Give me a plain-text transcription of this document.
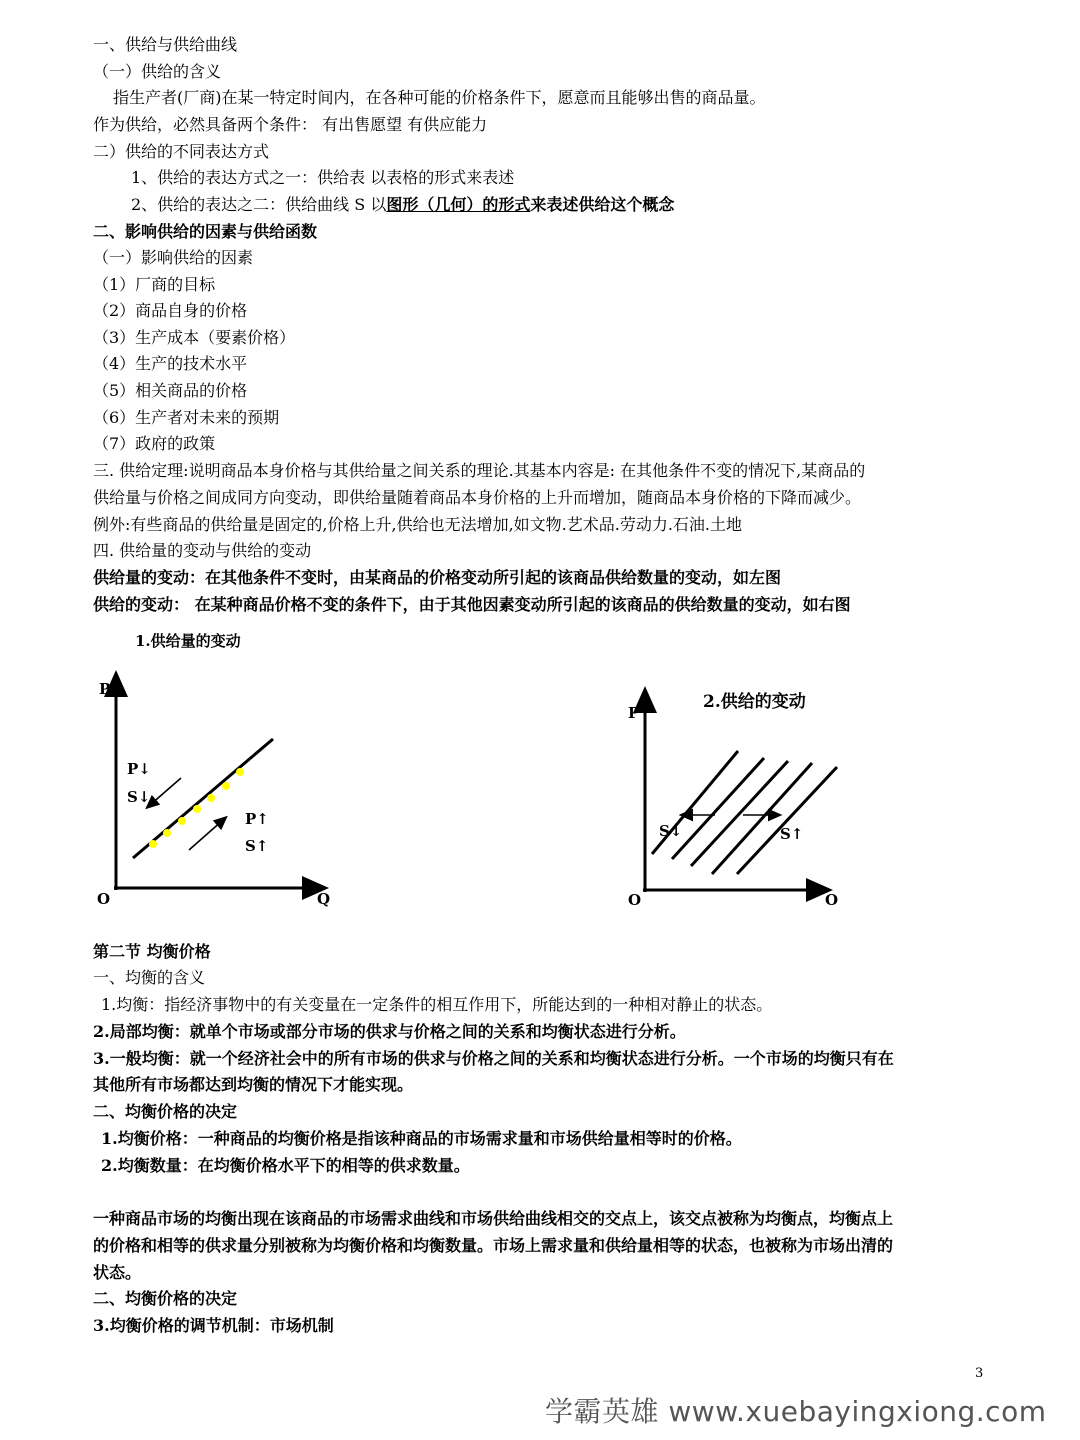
一、供给与供给曲线
（一）供给的含义
指生产者(厂商)在某一特定时间内，在各种可能的价格条件下，愿意而且能够出售的商品量。
作为供给，必然具备两个条件： 有出售愿望 有供应能力
二）供给的不同表达方式
1、供给的表达方式之一：供给表 以表格的形式来表述
2、供给的表达之二：供给曲线 S 以图形（几何）的形式来表述供给这个概念
二、影响供给的因素与供给函数
（一）影响供给的因素
（1）厂商的目标
（2）商品自身的价格
（3）生产成本（要素价格）
（4）生产的技术水平
（5）相关商品的价格
（6）生产者对未来的预期
（7）政府的政策
三. 供给定理:说明商品本身价格与其供给量之间关系的理论.其基本内容是: 在其他条件不变的情况下,某商品的
供给量与价格之间成同方向变动，即供给量随着商品本身价格的上升而增加，随商品本身价格的下降而减少。
例外:有些商品的供给量是固定的,价格上升,供给也无法增加,如文物.艺术品.劳动力.石油.土地
四. 供给量的变动与供给的变动
供给量的变动：在其他条件不变时，由某商品的价格变动所引起的该商品供给数量的变动，如左图
供给的变动： 在某种商品价格不变的条件下，由于其他因素变动所引起的该商品的供给数量的变动，如右图
1.供给量的变动
P
O	Q
P↓
S↓
P↑
S↑
2.供给的变动
P
O	O
S↓	S↑
第二节 均衡价格
一、均衡的含义
1.均衡：指经济事物中的有关变量在一定条件的相互作用下，所能达到的一种相对静止的状态。
2.局部均衡：就单个市场或部分市场的供求与价格之间的关系和均衡状态进行分析。
3.一般均衡：就一个经济社会中的所有市场的供求与价格之间的关系和均衡状态进行分析。一个市场的均衡只有在
其他所有市场都达到均衡的情况下才能实现。
二、均衡价格的决定
1.均衡价格：一种商品的均衡价格是指该种商品的市场需求量和市场供给量相等时的价格。
2.均衡数量：在均衡价格水平下的相等的供求数量。
一种商品市场的均衡出现在该商品的市场需求曲线和市场供给曲线相交的交点上，该交点被称为均衡点，均衡点上
的价格和相等的供求量分别被称为均衡价格和均衡数量。市场上需求量和供给量相等的状态，也被称为市场出清的
状态。
二、均衡价格的决定
3.均衡价格的调节机制：市场机制
3
学霸英雄 www.xuebayingxiong.com
